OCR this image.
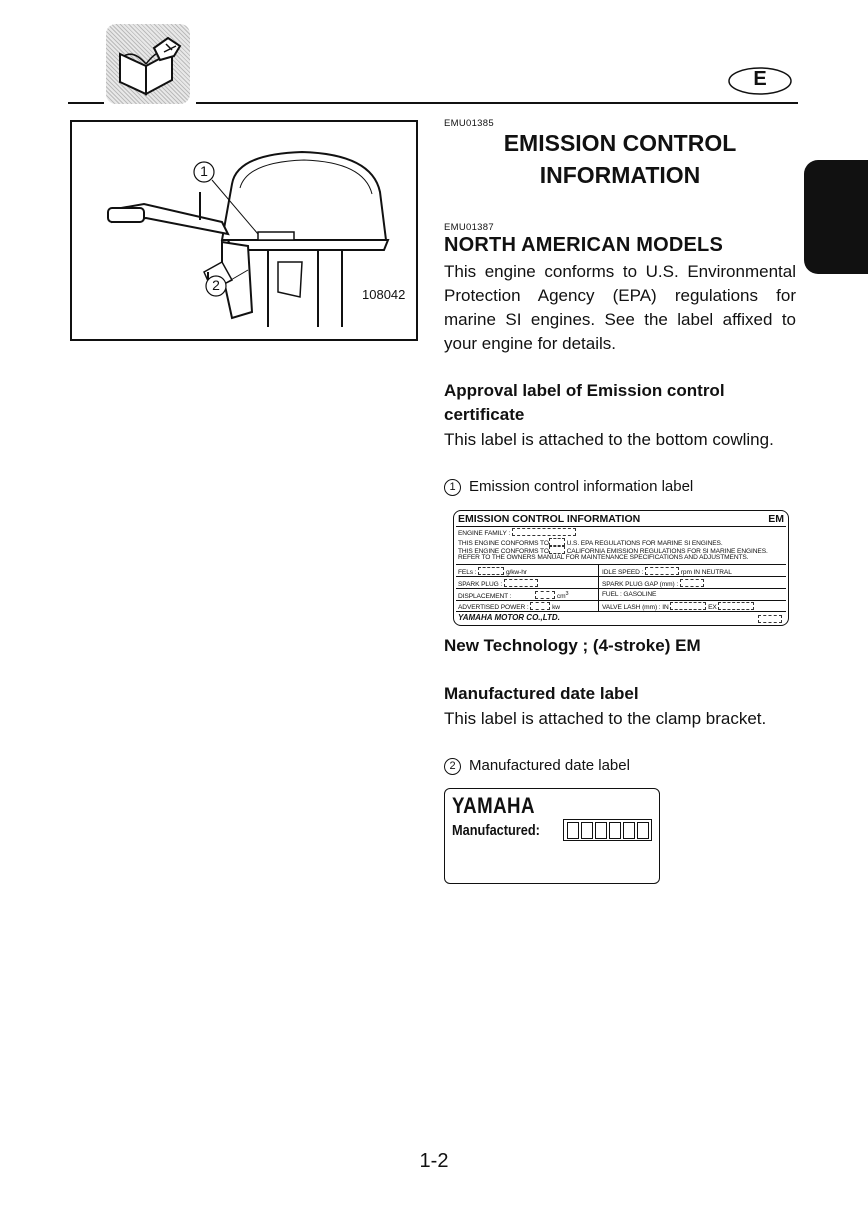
E
1
2
108042
EMU01385
EMISSION CONTROL
INFORMATION
EMU01387
NORTH AMERICAN MODELS
This engine conforms to U.S. Environmental Protection Agency (EPA) regulations for marine SI engines. See the label affixed to your engine for details.
Approval label of Emission control
certificate
This label is attached to the bottom cowling.
1 Emission control information label
EMISSION CONTROL INFORMATION	EM
ENGINE FAMILY :
THIS ENGINE CONFORMS TO	U.S. EPA REGULATIONS FOR MARINE SI ENGINES.
THIS ENGINE CONFORMS TO	CALIFORNIA EMISSION REGULATIONS FOR SI MARINE ENGINES.
REFER TO THE OWNERS MANUAL FOR MAINTENANCE SPECIFICATIONS AND ADJUSTMENTS.
FELs :	g/kw-hr	IDLE SPEED :	rpm IN NEUTRAL
SPARK PLUG :	SPARK PLUG GAP (mm) :
DISPLACEMENT :	$cm^3$	FUEL : GASOLINE
ADVERTISED POWER :	kw	VALVE LASH (mm) : IN	EX
YAMAHA MOTOR CO.,LTD.
New Technology ; (4-stroke) EM
Manufactured date label
This label is attached to the clamp bracket.
2 Manufactured date label
YAMAHA
Manufactured:
1-2
